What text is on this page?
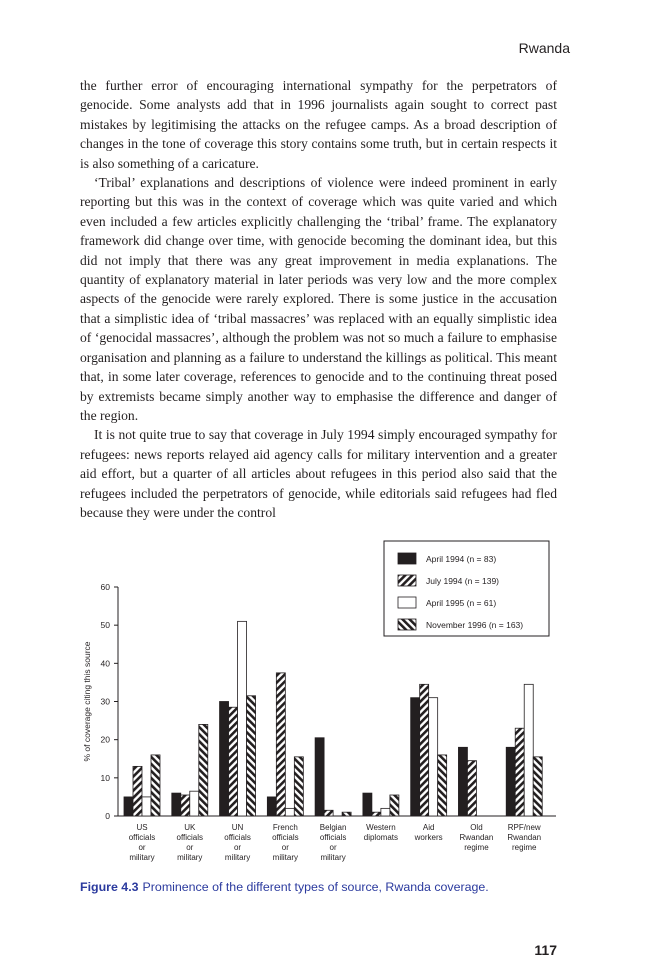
Rwanda

the further error of encouraging international sympathy for the perpetrators of genocide. Some analysts add that in 1996 journalists again sought to correct past mistakes by legitimising the attacks on the refugee camps. As a broad description of changes in the tone of coverage this story contains some truth, but in certain respects it is also something of a caricature.

‘Tribal’ explanations and descriptions of violence were indeed prominent in early reporting but this was in the context of coverage which was quite varied and which even included a few articles explicitly challenging the ‘tribal’ frame. The explanatory framework did change over time, with genocide becoming the dominant idea, but this did not imply that there was any great improvement in media explanations. The quantity of explanatory material in later periods was very low and the more complex aspects of the genocide were rarely explored. There is some justice in the accusation that a simplistic idea of ‘tribal massacres’ was replaced with an equally simplistic idea of ‘genocidal massacres’, although the problem was not so much a failure to emphasise organisation and planning as a failure to understand the killings as political. This meant that, in some later coverage, references to genocide and to the continuing threat posed by extremists became simply another way to emphasise the difference and danger of the region.

It is not quite true to say that coverage in July 1994 simply encouraged sympathy for refugees: news reports relayed aid agency calls for military intervention and a greater aid effort, but a quarter of all articles about refugees in this period also said that the refugees included the perpetrators of genocide, while editorials said refugees had fled because they were under the control

0
10
20
30
40
50
60
% of coverage citing this source
US
officials
or
military
UK
officials
or
military
UN
officials
or
military
French
officials
or
military
Belgian
officials
or
military
Western
diplomats
Aid
workers
Old
Rwandan
regime
RPF/new
Rwandan
regime
April 1994 (n = 83)
July 1994 (n = 139)
April 1995 (n = 61)
November 1996 (n = 163)
Figure 4.3 Prominence of the different types of source, Rwanda coverage.
117
